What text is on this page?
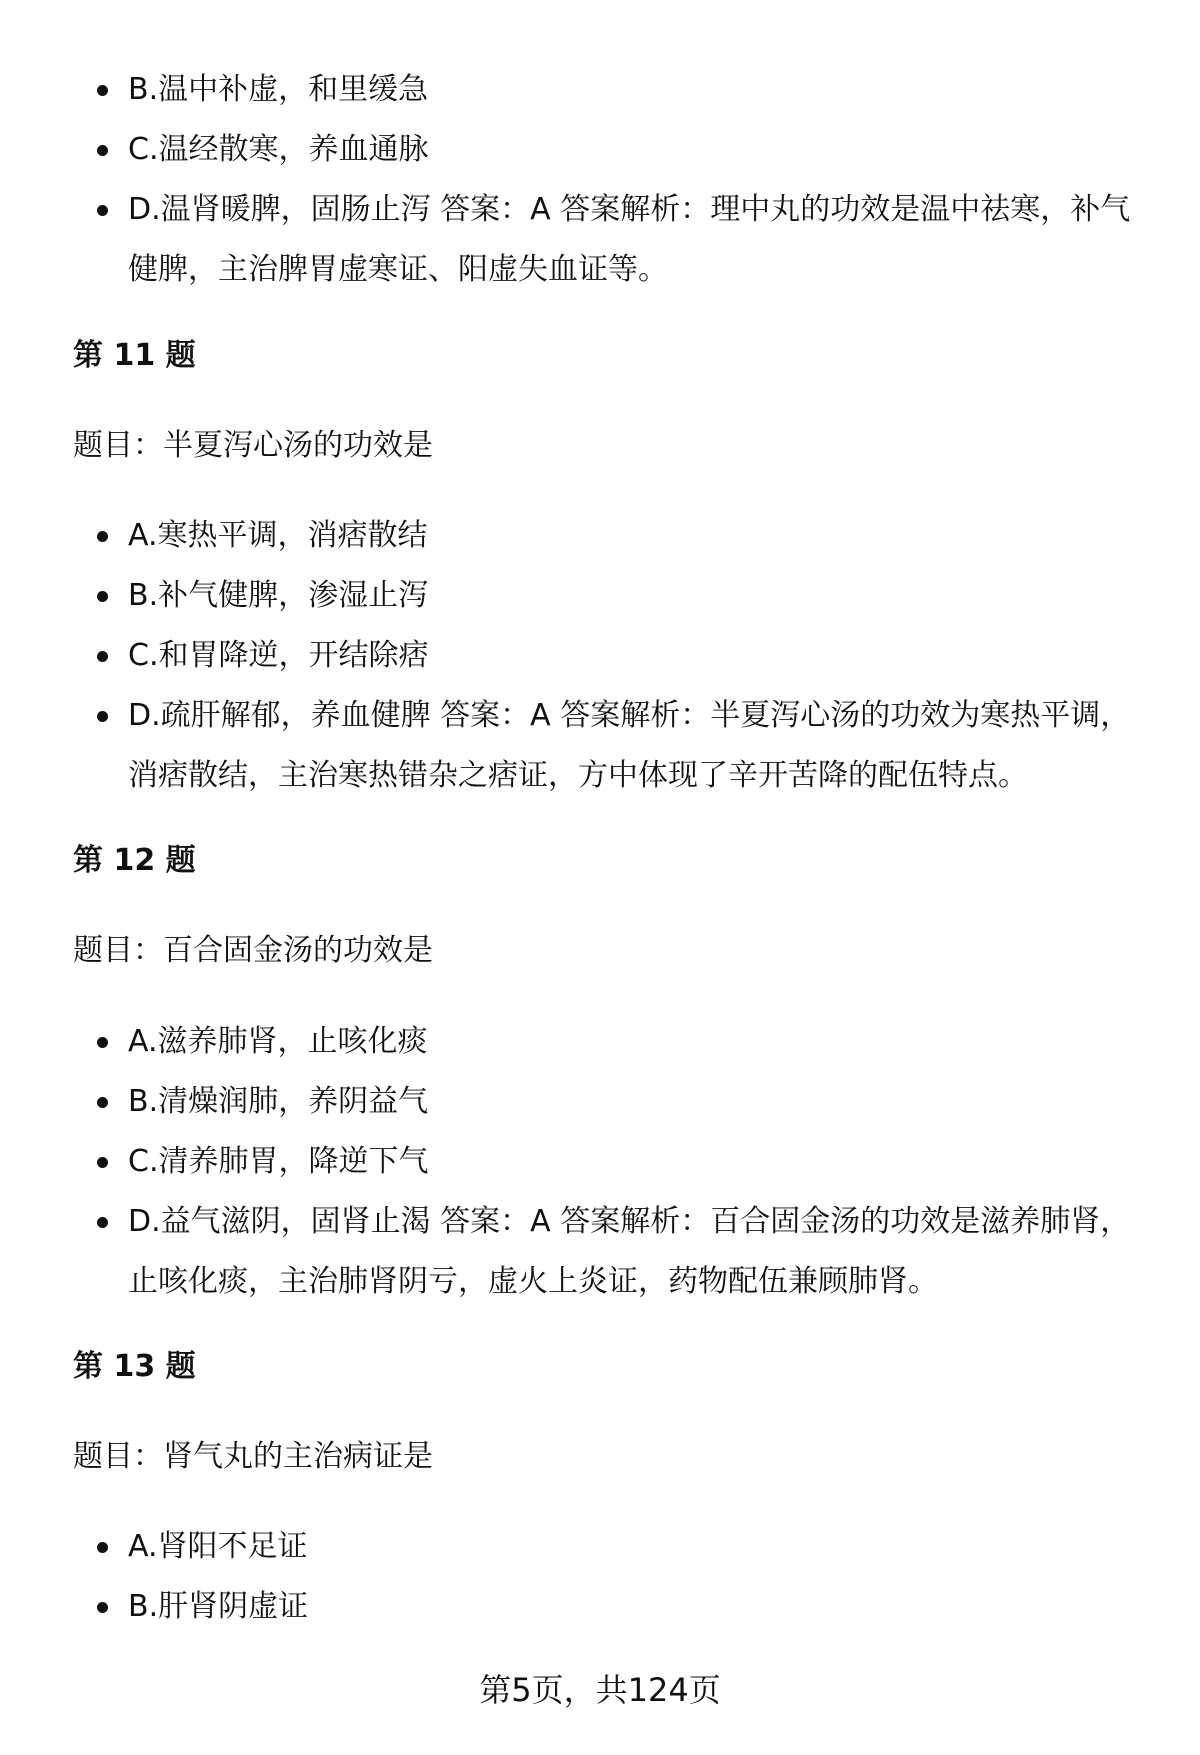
B.温中补虚，和里缓急
C.温经散寒，养血通脉
D.温肾暖脾，固肠止泻 答案：A 答案解析：理中丸的功效是温中祛寒，补气健脾，主治脾胃虚寒证、阳虚失血证等。
第 11 题

题目：半夏泻心汤的功效是

A.寒热平调，消痞散结
B.补气健脾，渗湿止泻
C.和胃降逆，开结除痞
D.疏肝解郁，养血健脾 答案：A 答案解析：半夏泻心汤的功效为寒热平调，消痞散结，主治寒热错杂之痞证，方中体现了辛开苦降的配伍特点。
第 12 题

题目：百合固金汤的功效是

A.滋养肺肾，止咳化痰
B.清燥润肺，养阴益气
C.清养肺胃，降逆下气
D.益气滋阴，固肾止渴 答案：A 答案解析：百合固金汤的功效是滋养肺肾，止咳化痰，主治肺肾阴亏，虚火上炎证，药物配伍兼顾肺肾。
第 13 题

题目：肾气丸的主治病证是

A.肾阳不足证
B.肝肾阴虚证
第5页，共124页
